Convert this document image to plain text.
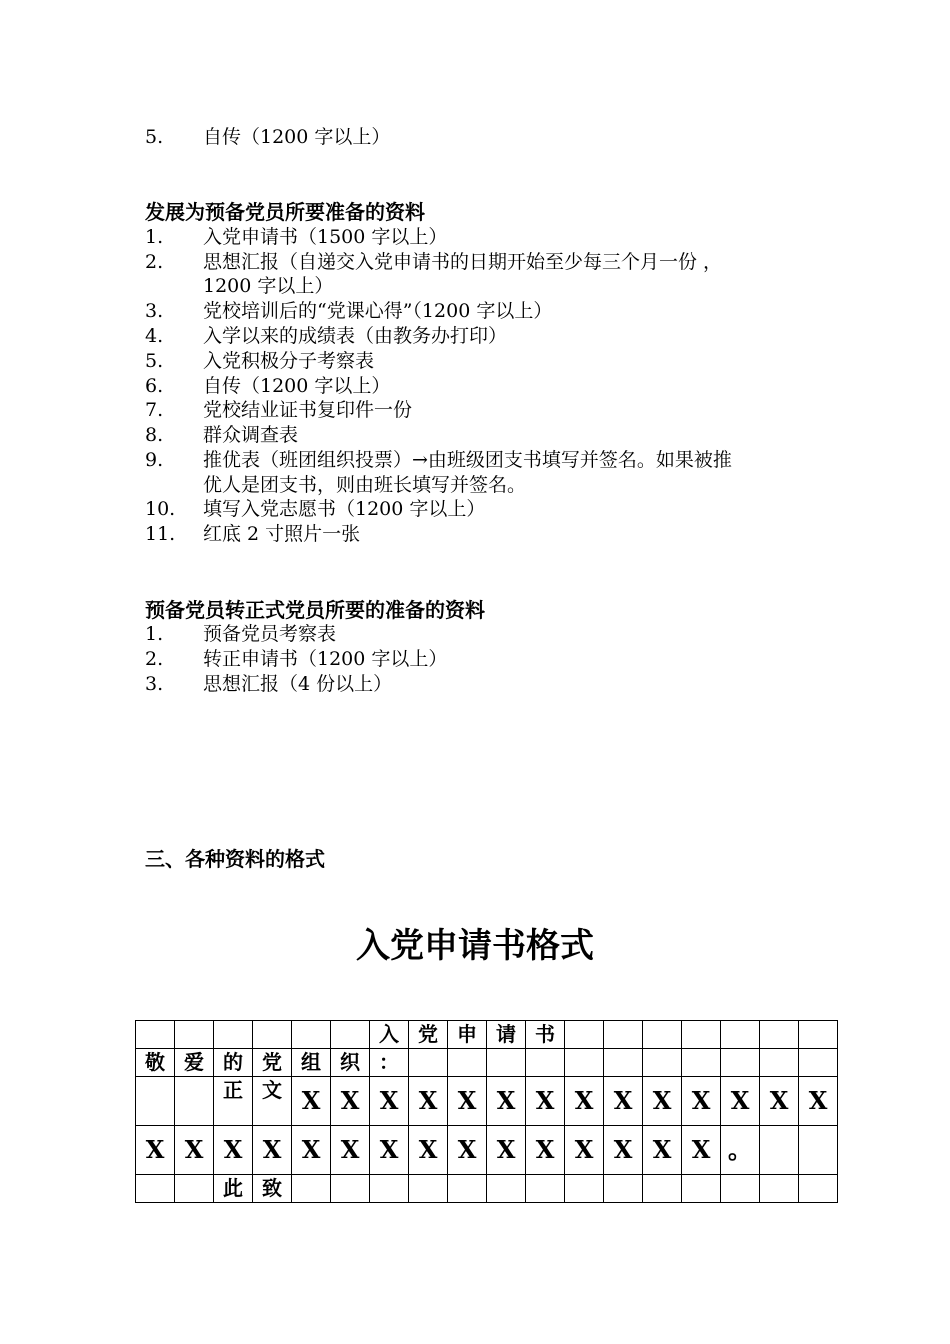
5.	自传（1200 字以上）
发展为预备党员所要准备的资料
1.	入党申请书（1500 字以上）
2.	思想汇报（自递交入党申请书的日期开始至少每三个月一份 ，
1200 字以上）
3.	党校培训后的“党课心得”（1200 字以上）
4.	入学以来的成绩表（由教务办打印）
5.	入党积极分子考察表
6.	自传（1200 字以上）
7.	党校结业证书复印件一份
8.	群众调查表
9.	推优表（班团组织投票）→由班级团支书填写并签名。如果被推
优人是团支书，则由班长填写并签名。
10.	填写入党志愿书（1200 字以上）
11.	红底 2 寸照片一张
预备党员转正式党员所要的准备的资料
1.	预备党员考察表
2.	转正申请书（1200 字以上）
3.	思想汇报（4 份以上）
三、各种资料的格式
入党申请书格式
						入	党	申	请	书							
敬	爱	的	党	组	织	：											
		正	文	X	X	X	X	X	X	X	X	X	X	X	X	X	X
X	X	X	X	X	X	X	X	X	X	X	X	X	X	X	。		
		此	致														
